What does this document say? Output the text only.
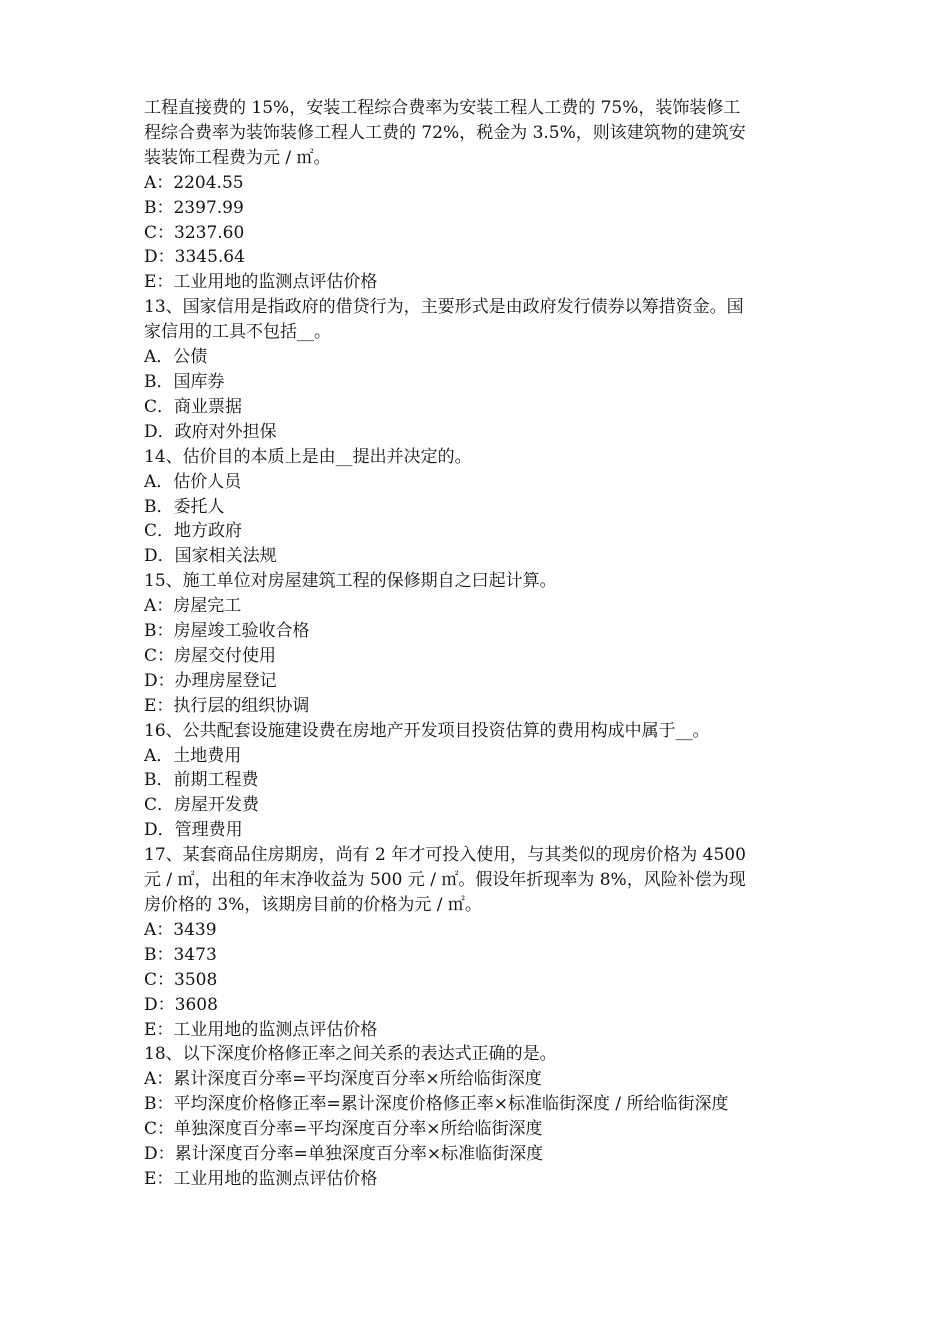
工程直接费的 15%，安装工程综合费率为安装工程人工费的 75%，装饰装修工
程综合费率为装饰装修工程人工费的 72%，税金为 3.5%，则该建筑物的建筑安
装装饰工程费为元 / ㎡。
A：2204.55
B：2397.99
C：3237.60
D：3345.64
E：工业用地的监测点评估价格
13、国家信用是指政府的借贷行为，主要形式是由政府发行债券以筹措资金。国
家信用的工具不包括__。
A．公债
B．国库券
C．商业票据
D．政府对外担保
14、估价目的本质上是由__提出并决定的。
A．估价人员
B．委托人
C．地方政府
D．国家相关法规
15、施工单位对房屋建筑工程的保修期自之曰起计算。
A：房屋完工
B：房屋竣工验收合格
C：房屋交付使用
D：办理房屋登记
E：执行层的组织协调
16、公共配套设施建设费在房地产开发项目投资估算的费用构成中属于__。
A．土地费用
B．前期工程费
C．房屋开发费
D．管理费用
17、某套商品住房期房，尚有 2 年才可投入使用，与其类似的现房价格为 4500
元 / ㎡，出租的年末净收益为 500 元 / ㎡。假设年折现率为 8%，风险补偿为现
房价格的 3%，该期房目前的价格为元 / ㎡。
A：3439
B：3473
C：3508
D：3608
E：工业用地的监测点评估价格
18、以下深度价格修正率之间关系的表达式正确的是。
A：累计深度百分率=平均深度百分率×所给临街深度
B：平均深度价格修正率=累计深度价格修正率×标准临街深度 / 所给临街深度
C：单独深度百分率=平均深度百分率×所给临街深度
D：累计深度百分率=单独深度百分率×标准临街深度
E：工业用地的监测点评估价格
